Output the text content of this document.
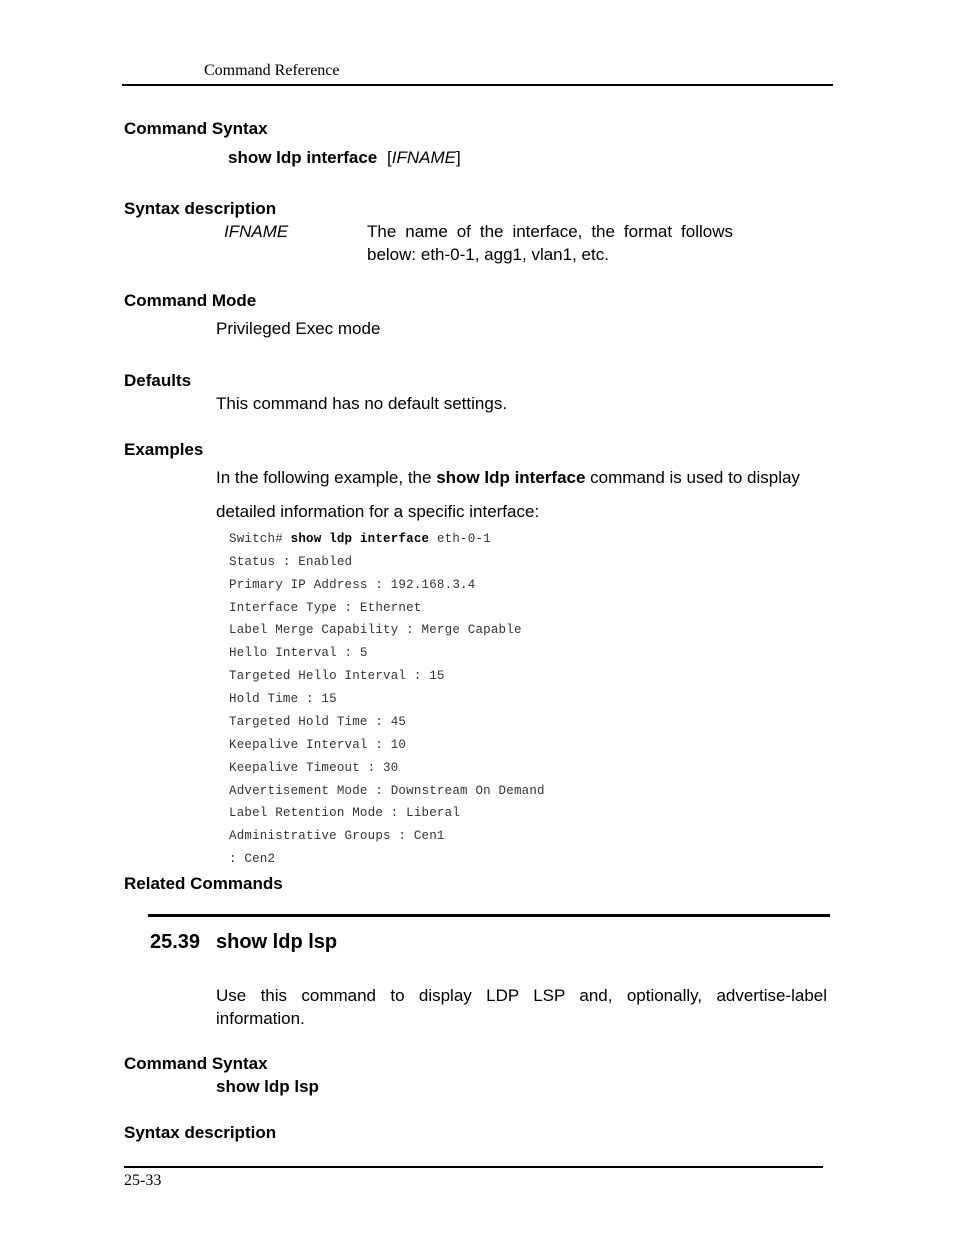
Command Reference
Command Syntax
show ldp interface [IFNAME]
Syntax description
IFNAME	The name of the interface, the format follows
below: eth-0-1, agg1, vlan1, etc.
Command Mode
Privileged Exec mode
Defaults
This command has no default settings.
Examples
In the following example, the show ldp interface command is used to display
detailed information for a specific interface:
Switch# show ldp interface eth-0-1
Status : Enabled
Primary IP Address : 192.168.3.4
Interface Type : Ethernet
Label Merge Capability : Merge Capable
Hello Interval : 5
Targeted Hello Interval : 15
Hold Time : 15
Targeted Hold Time : 45
Keepalive Interval : 10
Keepalive Timeout : 30
Advertisement Mode : Downstream On Demand
Label Retention Mode : Liberal
Administrative Groups : Cen1
: Cen2
Related Commands
25.39 show ldp lsp
Use this command to display LDP LSP and, optionally, advertise-label information.
Command Syntax
show ldp lsp
Syntax description
25-33
